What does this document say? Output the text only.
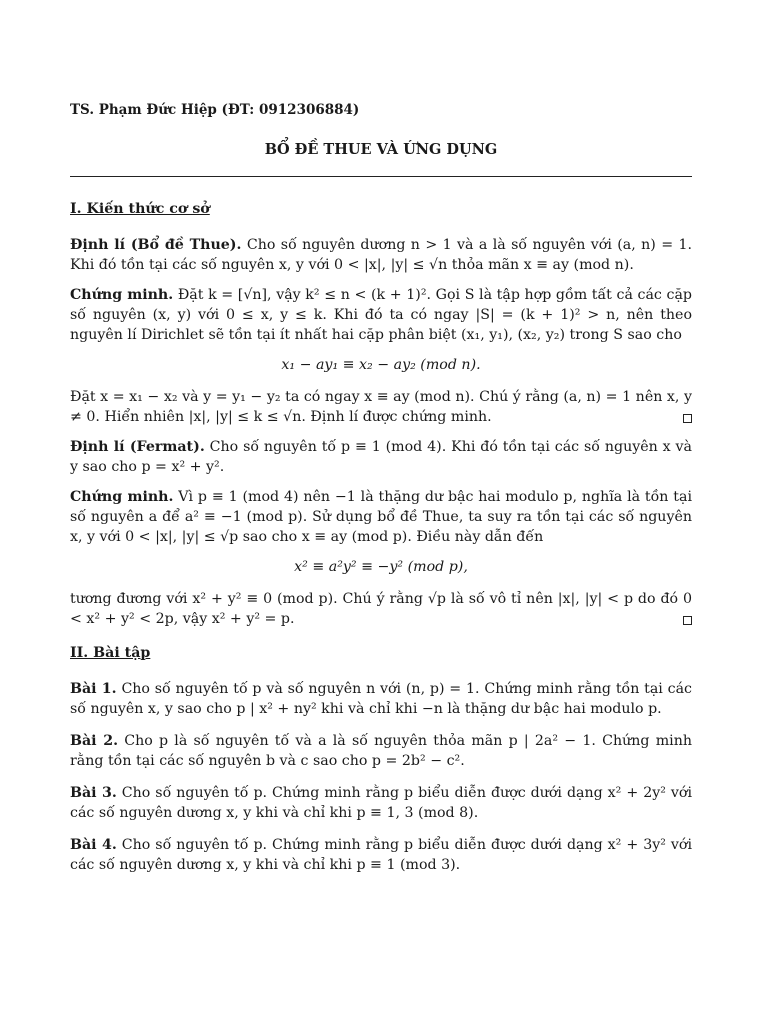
TS. Phạm Đức Hiệp (ĐT: 0912306884)

BỔ ĐỀ THUE VÀ ỨNG DỤNG

I. Kiến thức cơ sở

Định lí (Bổ đề Thue). Cho số nguyên dương n > 1 và a là số nguyên với (a, n) = 1. Khi đó tồn tại các số nguyên x, y với 0 < |x|, |y| ≤ √n thỏa mãn x ≡ ay (mod n).

Chứng minh. Đặt k = [√n], vậy k² ≤ n < (k + 1)². Gọi S là tập hợp gồm tất cả các cặp số nguyên (x, y) với 0 ≤ x, y ≤ k. Khi đó ta có ngay |S| = (k + 1)² > n, nên theo nguyên lí Dirichlet sẽ tồn tại ít nhất hai cặp phân biệt (x₁, y₁), (x₂, y₂) trong S sao cho

x₁ − ay₁ ≡ x₂ − ay₂ (mod n).

Đặt x = x₁ − x₂ và y = y₁ − y₂ ta có ngay x ≡ ay (mod n). Chú ý rằng (a, n) = 1 nên x, y ≠ 0. Hiển nhiên |x|, |y| ≤ k ≤ √n. Định lí được chứng minh.

Định lí (Fermat). Cho số nguyên tố p ≡ 1 (mod 4). Khi đó tồn tại các số nguyên x và y sao cho p = x² + y².

Chứng minh. Vì p ≡ 1 (mod 4) nên −1 là thặng dư bậc hai modulo p, nghĩa là tồn tại số nguyên a để a² ≡ −1 (mod p). Sử dụng bổ đề Thue, ta suy ra tồn tại các số nguyên x, y với 0 < |x|, |y| ≤ √p sao cho x ≡ ay (mod p). Điều này dẫn đến

x² ≡ a²y² ≡ −y² (mod p),

tương đương với x² + y² ≡ 0 (mod p). Chú ý rằng √p là số vô tỉ nên |x|, |y| < p do đó 0 < x² + y² < 2p, vậy x² + y² = p.

II. Bài tập

Bài 1. Cho số nguyên tố p và số nguyên n với (n, p) = 1. Chứng minh rằng tồn tại các số nguyên x, y sao cho p | x² + ny² khi và chỉ khi −n là thặng dư bậc hai modulo p.

Bài 2. Cho p là số nguyên tố và a là số nguyên thỏa mãn p | 2a² − 1. Chứng minh rằng tồn tại các số nguyên b và c sao cho p = 2b² − c².

Bài 3. Cho số nguyên tố p. Chứng minh rằng p biểu diễn được dưới dạng x² + 2y² với các số nguyên dương x, y khi và chỉ khi p ≡ 1, 3 (mod 8).

Bài 4. Cho số nguyên tố p. Chứng minh rằng p biểu diễn được dưới dạng x² + 3y² với các số nguyên dương x, y khi và chỉ khi p ≡ 1 (mod 3).
